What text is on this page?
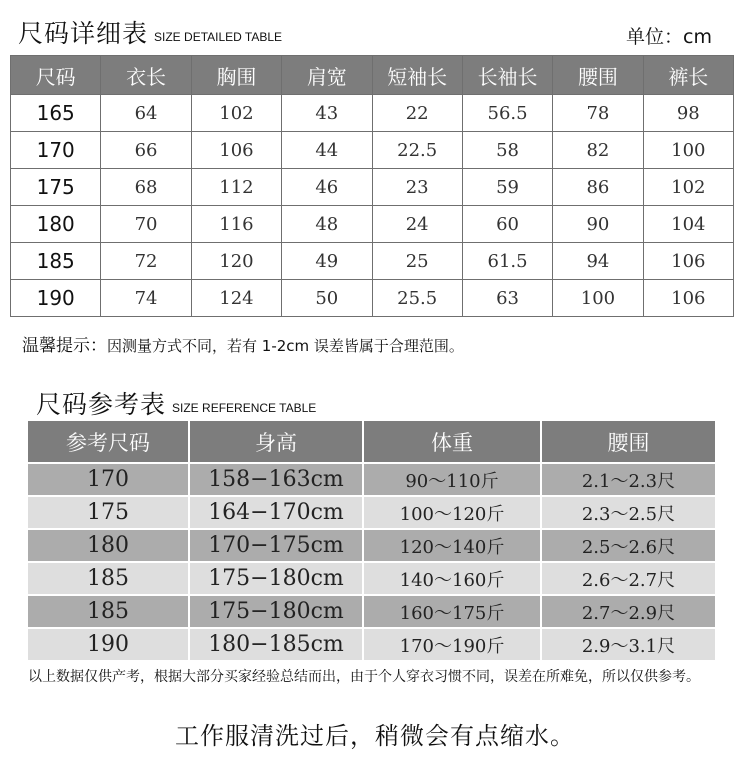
尺码详细表 SIZE DETAILED TABLE	单位：cm
尺码	衣长	胸围	肩宽	短袖长	长袖长	腰围	裤长
165	64	102	43	22	56.5	78	98
170	66	106	44	22.5	58	82	100
175	68	112	46	23	59	86	102
180	70	116	48	24	60	90	104
185	72	120	49	25	61.5	94	106
190	74	124	50	25.5	63	100	106
温馨提示：因测量方式不同，若有 1-2cm 误差皆属于合理范围。
尺码参考表 SIZE REFERENCE TABLE
参考尺码	身高	体重	腰围
170	158−163cm	90〜110斤	2.1〜2.3尺
175	164−170cm	100〜120斤	2.3〜2.5尺
180	170−175cm	120〜140斤	2.5〜2.6尺
185	175−180cm	140〜160斤	2.6〜2.7尺
185	175−180cm	160〜175斤	2.7〜2.9尺
190	180−185cm	170〜190斤	2.9〜3.1尺
以上数据仅供产考，根据大部分买家经验总结而出，由于个人穿衣习惯不同，误差在所难免，所以仅供参考。
工作服清洗过后，稍微会有点缩水。
